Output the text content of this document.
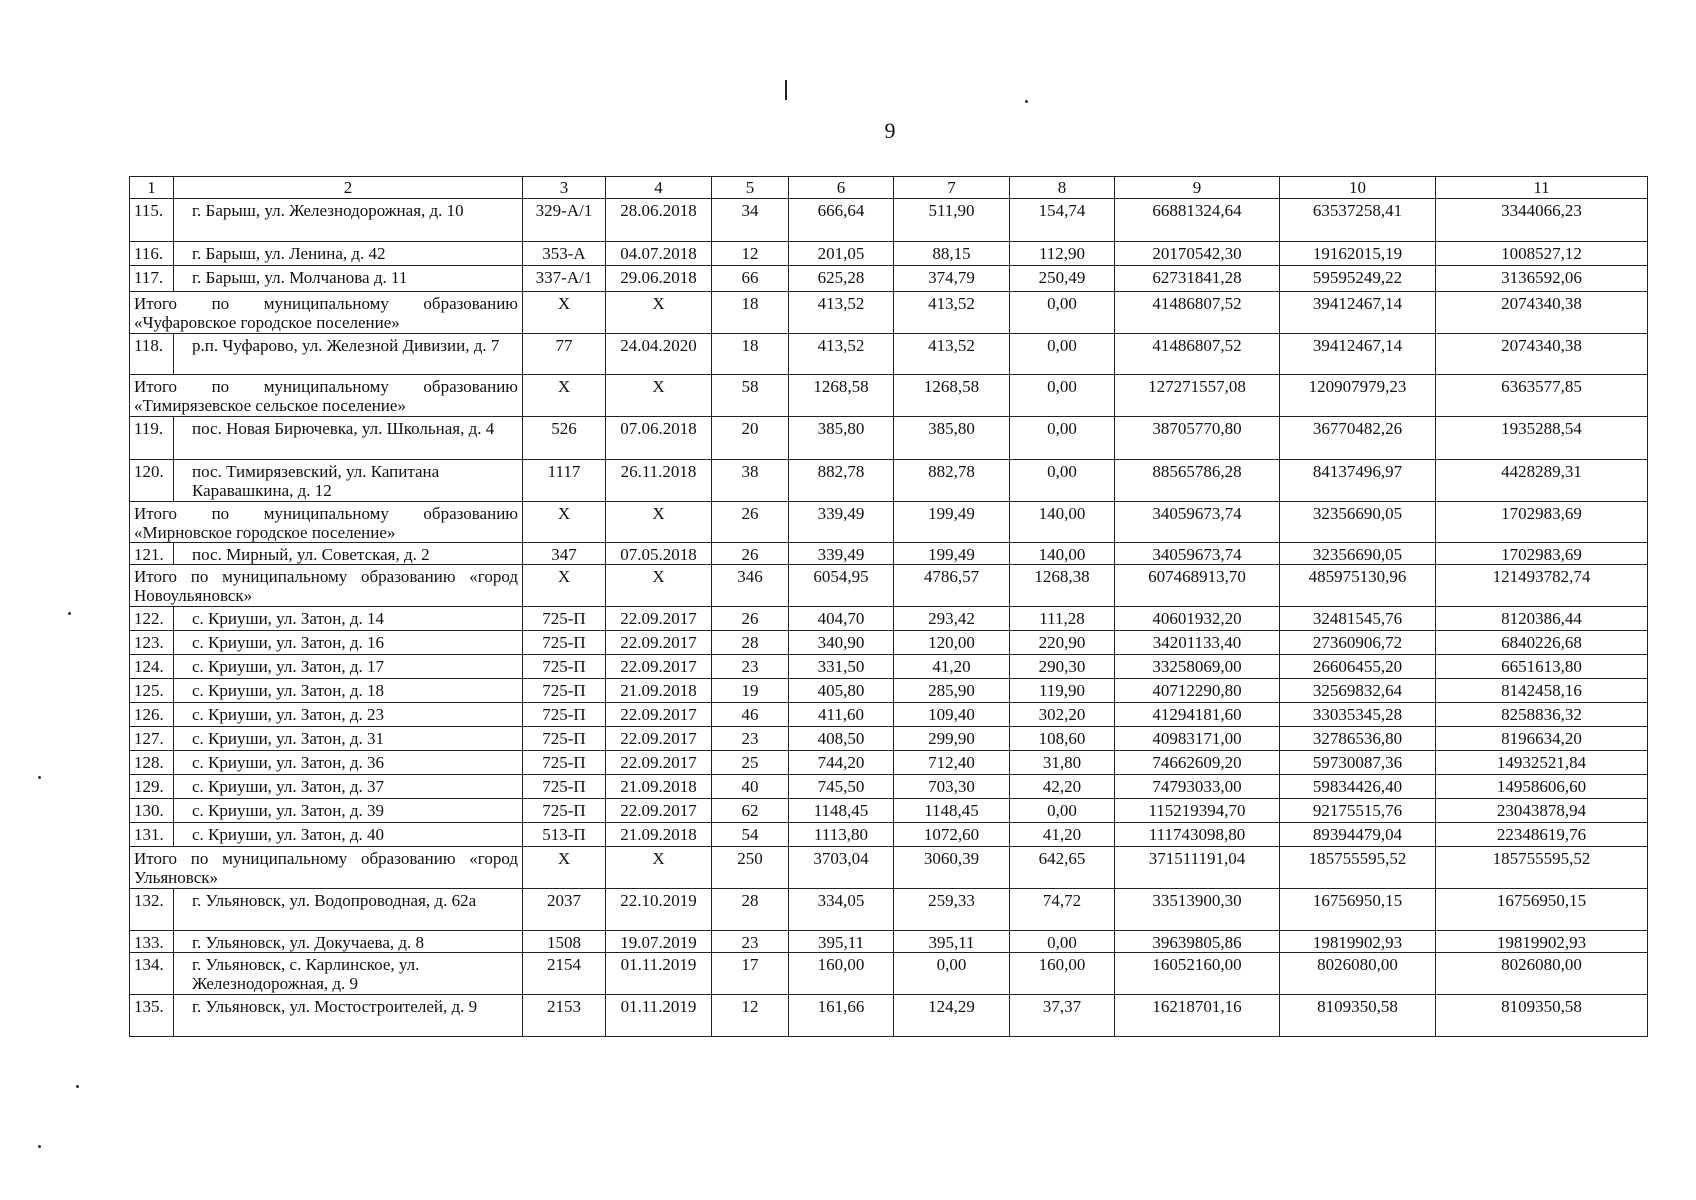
9
1	2	3	4	5	6	7	8	9	10	11
115.	г. Барыш, ул. Железнодорожная, д. 10	329-А/1	28.06.2018	34	666,64	511,90	154,74	66881324,64	63537258,41	3344066,23
116.	г. Барыш, ул. Ленина, д. 42	353-А	04.07.2018	12	201,05	88,15	112,90	20170542,30	19162015,19	1008527,12
117.	г. Барыш, ул. Молчанова д. 11	337-А/1	29.06.2018	66	625,28	374,79	250,49	62731841,28	59595249,22	3136592,06
Итого по муниципальному образованию «Чуфаровское городское поселение»		X	X	18	413,52	413,52	0,00	41486807,52	39412467,14	2074340,38
118.	р.п. Чуфарово, ул. Железной Дивизии, д. 7	77	24.04.2020	18	413,52	413,52	0,00	41486807,52	39412467,14	2074340,38
Итого по муниципальному образованию «Тимирязевское сельское поселение»		X	X	58	1268,58	1268,58	0,00	127271557,08	120907979,23	6363577,85
119.	пос. Новая Бирючевка, ул. Школьная, д. 4	526	07.06.2018	20	385,80	385,80	0,00	38705770,80	36770482,26	1935288,54
120.	пос. Тимирязевский, ул. Капитана Каравашкина, д. 12	1117	26.11.2018	38	882,78	882,78	0,00	88565786,28	84137496,97	4428289,31
Итого по муниципальному образованию «Мирновское городское поселение»		X	X	26	339,49	199,49	140,00	34059673,74	32356690,05	1702983,69
121.	пос. Мирный, ул. Советская, д. 2	347	07.05.2018	26	339,49	199,49	140,00	34059673,74	32356690,05	1702983,69
Итого по муниципальному образованию «город Новоульяновск»		X	X	346	6054,95	4786,57	1268,38	607468913,70	485975130,96	121493782,74
122.	с. Криуши, ул. Затон, д. 14	725-П	22.09.2017	26	404,70	293,42	111,28	40601932,20	32481545,76	8120386,44
123.	с. Криуши, ул. Затон, д. 16	725-П	22.09.2017	28	340,90	120,00	220,90	34201133,40	27360906,72	6840226,68
124.	с. Криуши, ул. Затон, д. 17	725-П	22.09.2017	23	331,50	41,20	290,30	33258069,00	26606455,20	6651613,80
125.	с. Криуши, ул. Затон, д. 18	725-П	21.09.2018	19	405,80	285,90	119,90	40712290,80	32569832,64	8142458,16
126.	с. Криуши, ул. Затон, д. 23	725-П	22.09.2017	46	411,60	109,40	302,20	41294181,60	33035345,28	8258836,32
127.	с. Криуши, ул. Затон, д. 31	725-П	22.09.2017	23	408,50	299,90	108,60	40983171,00	32786536,80	8196634,20
128.	с. Криуши, ул. Затон, д. 36	725-П	22.09.2017	25	744,20	712,40	31,80	74662609,20	59730087,36	14932521,84
129.	с. Криуши, ул. Затон, д. 37	725-П	21.09.2018	40	745,50	703,30	42,20	74793033,00	59834426,40	14958606,60
130.	с. Криуши, ул. Затон, д. 39	725-П	22.09.2017	62	1148,45	1148,45	0,00	115219394,70	92175515,76	23043878,94
131.	с. Криуши, ул. Затон, д. 40	513-П	21.09.2018	54	1113,80	1072,60	41,20	111743098,80	89394479,04	22348619,76
Итого по муниципальному образованию «город Ульяновск»		X	X	250	3703,04	3060,39	642,65	371511191,04	185755595,52	185755595,52
132.	г. Ульяновск, ул. Водопроводная, д. 62а	2037	22.10.2019	28	334,05	259,33	74,72	33513900,30	16756950,15	16756950,15
133.	г. Ульяновск, ул. Докучаева, д. 8	1508	19.07.2019	23	395,11	395,11	0,00	39639805,86	19819902,93	19819902,93
134.	г. Ульяновск, с. Карлинское, ул. Железнодорожная, д. 9	2154	01.11.2019	17	160,00	0,00	160,00	16052160,00	8026080,00	8026080,00
135.	г. Ульяновск, ул. Мостостроителей, д. 9	2153	01.11.2019	12	161,66	124,29	37,37	16218701,16	8109350,58	8109350,58
